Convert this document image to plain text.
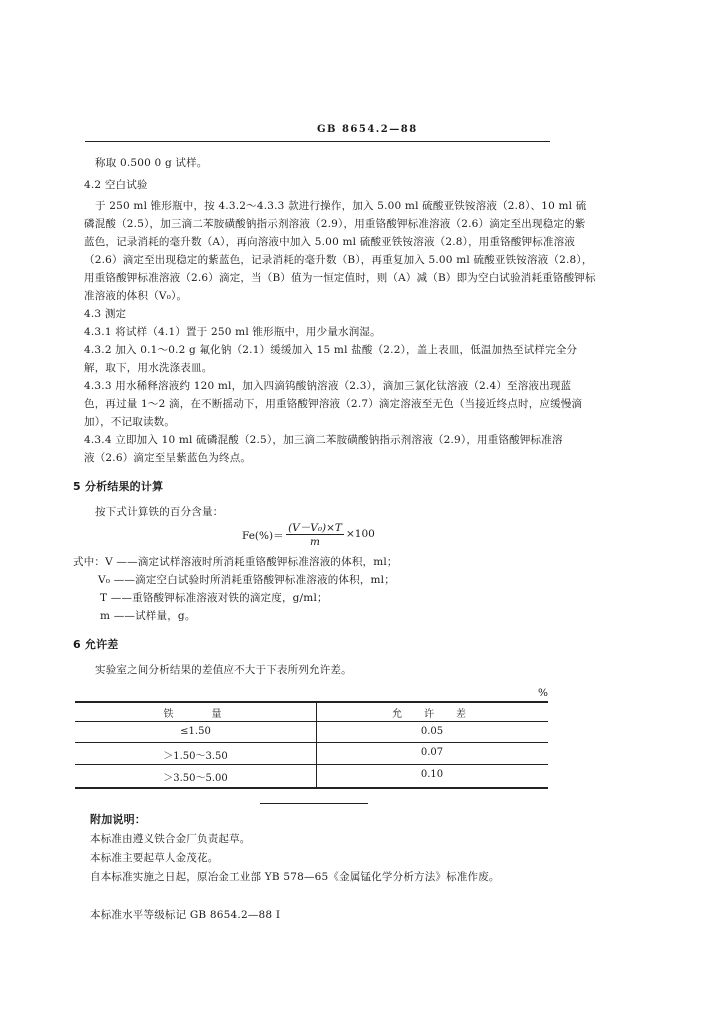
GB 8654.2—88
称取 0.500 0 g 试样。
4.2 空白试验
于 250 ml 锥形瓶中，按 4.3.2～4.3.3 款进行操作，加入 5.00 ml 硫酸亚铁铵溶液（2.8）、10 ml 硫
磷混酸（2.5），加三滴二苯胺磺酸钠指示剂溶液（2.9），用重铬酸钾标准溶液（2.6）滴定至出现稳定的紫
蓝色，记录消耗的毫升数（A），再向溶液中加入 5.00 ml 硫酸亚铁铵溶液（2.8），用重铬酸钾标准溶液
（2.6）滴定至出现稳定的紫蓝色，记录消耗的毫升数（B），再重复加入 5.00 ml 硫酸亚铁铵溶液（2.8），
用重铬酸钾标准溶液（2.6）滴定，当（B）值为一恒定值时，则（A）减（B）即为空白试验消耗重铬酸钾标
准溶液的体积（V₀）。
4.3 测定
4.3.1 将试样（4.1）置于 250 ml 锥形瓶中，用少量水润湿。
4.3.2 加入 0.1～0.2 g 氟化钠（2.1）缓缓加入 15 ml 盐酸（2.2），盖上表皿，低温加热至试样完全分
解，取下，用水洗涤表皿。
4.3.3 用水稀释溶液约 120 ml，加入四滴钨酸钠溶液（2.3），滴加三氯化钛溶液（2.4）至溶液出现蓝
色，再过量 1～2 滴，在不断摇动下，用重铬酸钾溶液（2.7）滴定溶液至无色（当接近终点时，应缓慢滴
加），不记取读数。
4.3.4 立即加入 10 ml 硫磷混酸（2.5），加三滴二苯胺磺酸钠指示剂溶液（2.9），用重铬酸钾标准溶
液（2.6）滴定至呈紫蓝色为终点。
5 分析结果的计算
按下式计算铁的百分含量：
Fe(%)＝
(V－V₀)×T
m
×100
式中：V ——滴定试样溶液时所消耗重铬酸钾标准溶液的体积，ml；
V₀ ——滴定空白试验时所消耗重铬酸钾标准溶液的体积，ml；
T ——重铬酸钾标准溶液对铁的滴定度，g/ml；
m ——试样量，g。
6 允许差
实验室之间分析结果的差值应不大于下表所列允许差。
%
铁　　量	允　许　差
≤1.50	0.05
＞1.50～3.50	0.07
＞3.50～5.00	0.10
附加说明：
本标准由遵义铁合金厂负责起草。
本标准主要起草人金茂花。
自本标准实施之日起，原冶金工业部 YB 578—65《金属锰化学分析方法》标准作废。
本标准水平等级标记 GB 8654.2—88 I
